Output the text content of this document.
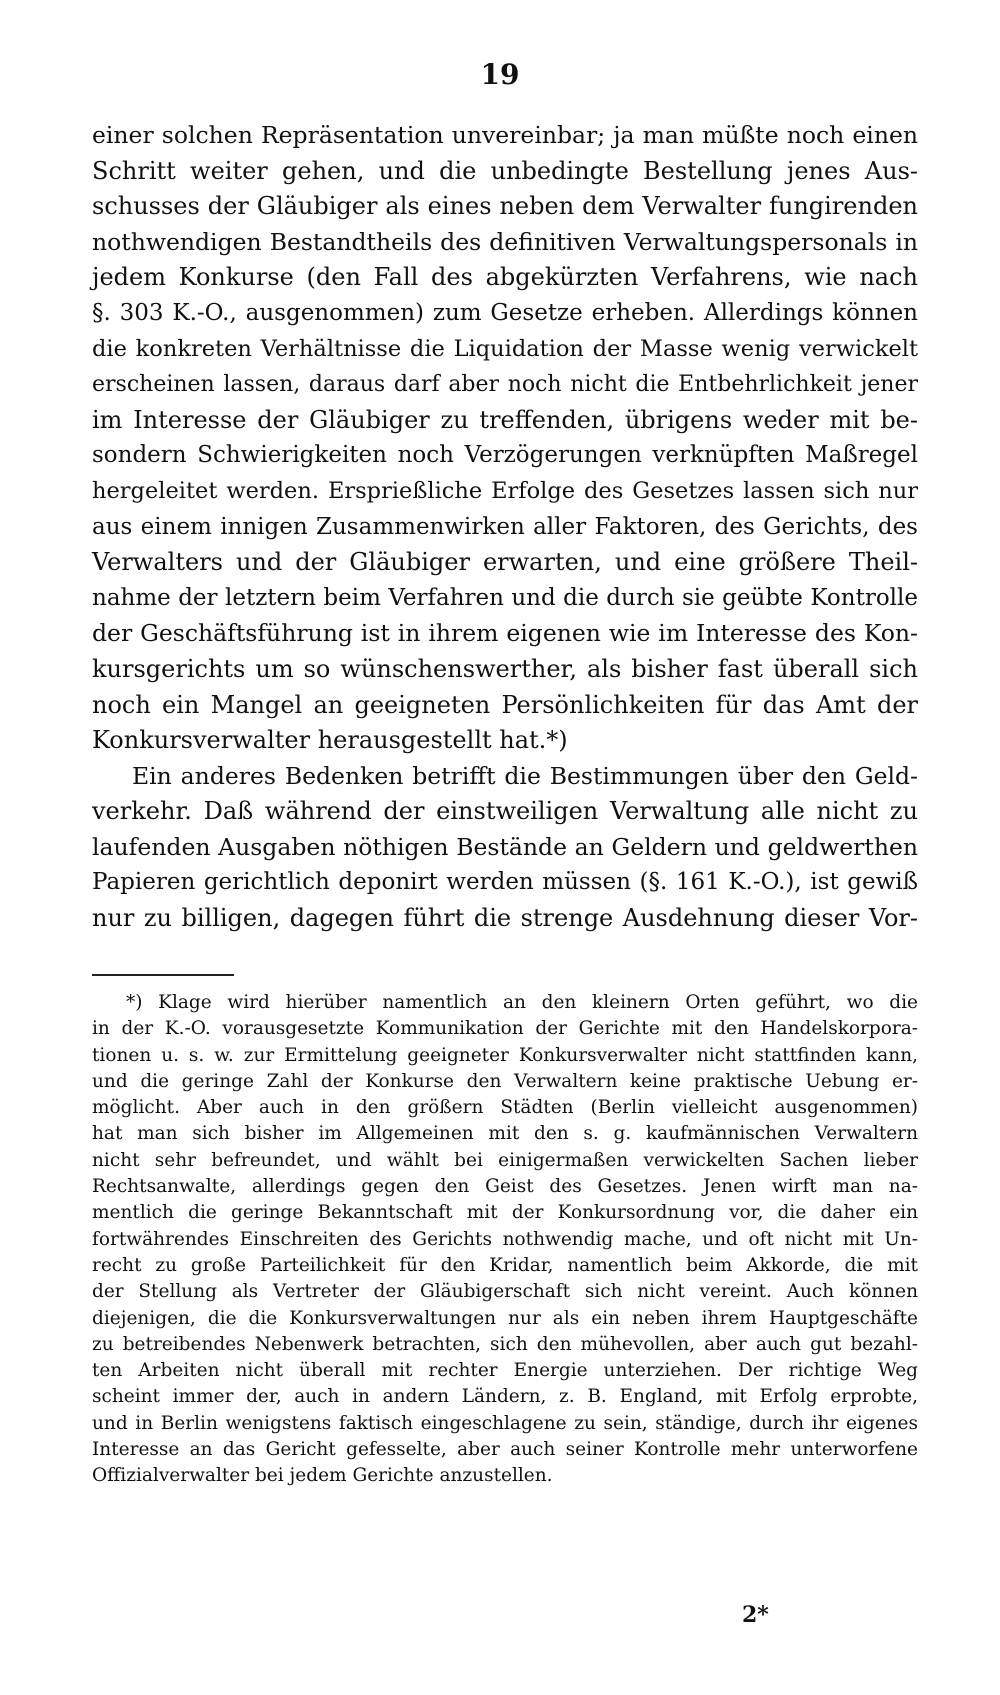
19
einer solchen Repräsentation unvereinbar; ja man müßte noch einen
Schritt weiter gehen, und die unbedingte Bestellung jenes Aus-
schusses der Gläubiger als eines neben dem Verwalter fungirenden
nothwendigen Bestandtheils des definitiven Verwaltungspersonals in
jedem Konkurse (den Fall des abgekürzten Verfahrens, wie nach
§. 303 K.-O., ausgenommen) zum Gesetze erheben. Allerdings können
die konkreten Verhältnisse die Liquidation der Masse wenig verwickelt
erscheinen lassen, daraus darf aber noch nicht die Entbehrlichkeit jener
im Interesse der Gläubiger zu treffenden, übrigens weder mit be-
sondern Schwierigkeiten noch Verzögerungen verknüpften Maßregel
hergeleitet werden. Ersprießliche Erfolge des Gesetzes lassen sich nur
aus einem innigen Zusammenwirken aller Faktoren, des Gerichts, des
Verwalters und der Gläubiger erwarten, und eine größere Theil-
nahme der letztern beim Verfahren und die durch sie geübte Kontrolle
der Geschäftsführung ist in ihrem eigenen wie im Interesse des Kon-
kursgerichts um so wünschenswerther, als bisher fast überall sich
noch ein Mangel an geeigneten Persönlichkeiten für das Amt der
Konkursverwalter herausgestellt hat.*)
Ein anderes Bedenken betrifft die Bestimmungen über den Geld-
verkehr. Daß während der einstweiligen Verwaltung alle nicht zu
laufenden Ausgaben nöthigen Bestände an Geldern und geldwerthen
Papieren gerichtlich deponirt werden müssen (§. 161 K.-O.), ist gewiß
nur zu billigen, dagegen führt die strenge Ausdehnung dieser Vor-
*) Klage wird hierüber namentlich an den kleinern Orten geführt, wo die
in der K.-O. vorausgesetzte Kommunikation der Gerichte mit den Handelskorpora-
tionen u. s. w. zur Ermittelung geeigneter Konkursverwalter nicht stattfinden kann,
und die geringe Zahl der Konkurse den Verwaltern keine praktische Uebung er-
möglicht. Aber auch in den größern Städten (Berlin vielleicht ausgenommen)
hat man sich bisher im Allgemeinen mit den s. g. kaufmännischen Verwaltern
nicht sehr befreundet, und wählt bei einigermaßen verwickelten Sachen lieber
Rechtsanwalte, allerdings gegen den Geist des Gesetzes. Jenen wirft man na-
mentlich die geringe Bekanntschaft mit der Konkursordnung vor, die daher ein
fortwährendes Einschreiten des Gerichts nothwendig mache, und oft nicht mit Un-
recht zu große Parteilichkeit für den Kridar, namentlich beim Akkorde, die mit
der Stellung als Vertreter der Gläubigerschaft sich nicht vereint. Auch können
diejenigen, die die Konkursverwaltungen nur als ein neben ihrem Hauptgeschäfte
zu betreibendes Nebenwerk betrachten, sich den mühevollen, aber auch gut bezahl-
ten Arbeiten nicht überall mit rechter Energie unterziehen. Der richtige Weg
scheint immer der, auch in andern Ländern, z. B. England, mit Erfolg erprobte,
und in Berlin wenigstens faktisch eingeschlagene zu sein, ständige, durch ihr eigenes
Interesse an das Gericht gefesselte, aber auch seiner Kontrolle mehr unterworfene
Offizialverwalter bei jedem Gerichte anzustellen.
2*
